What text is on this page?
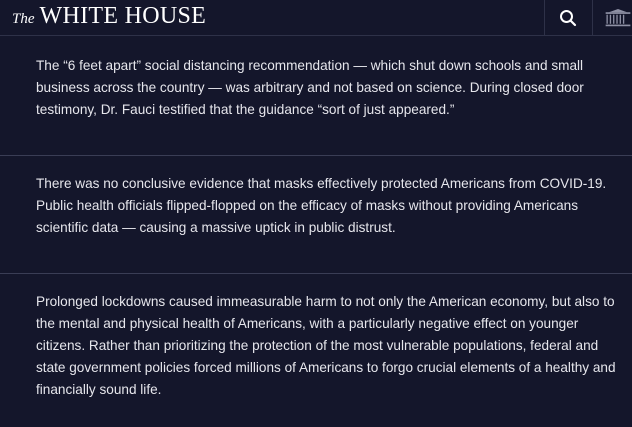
The WHITE HOUSE

The “6 feet apart” social distancing recommendation — which shut down schools and small business across the country — was arbitrary and not based on science. During closed door testimony, Dr. Fauci testified that the guidance “sort of just appeared.”

There was no conclusive evidence that masks effectively protected Americans from COVID-19. Public health officials flipped-flopped on the efficacy of masks without providing Americans scientific data — causing a massive uptick in public distrust.

Prolonged lockdowns caused immeasurable harm to not only the American economy, but also to the mental and physical health of Americans, with a particularly negative effect on younger citizens. Rather than prioritizing the protection of the most vulnerable populations, federal and state government policies forced millions of Americans to forgo crucial elements of a healthy and financially sound life.
